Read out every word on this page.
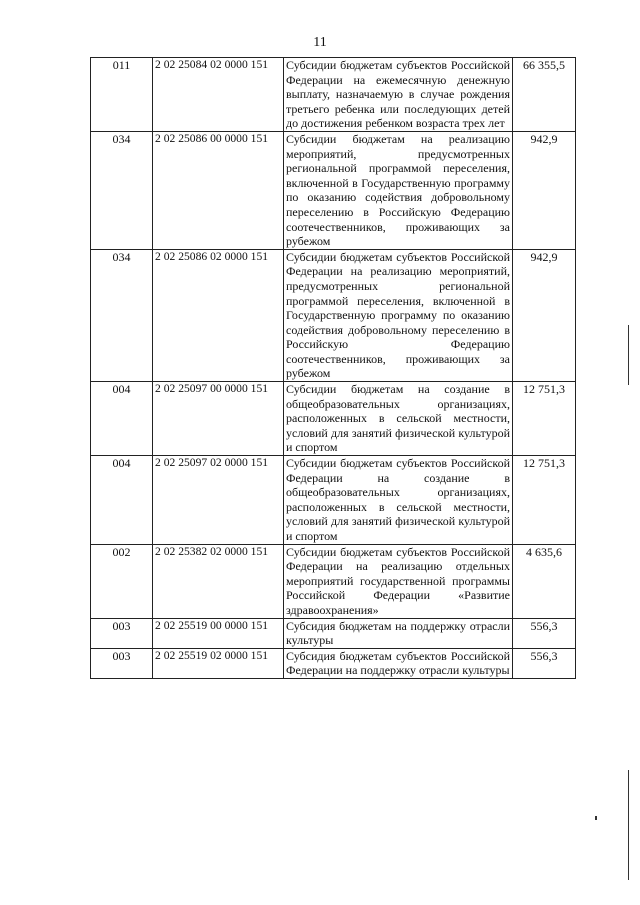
11
011	2 02 25084 02 0000 151	Субсидии бюджетам субъектов Российской Федерации на ежемесячную денежную выплату, назначаемую в случае рождения третьего ребенка или последующих детей до достижения ребенком возраста трех лет	66 355,5
034	2 02 25086 00 0000 151	Субсидии бюджетам на реализацию мероприятий, предусмотренных региональной программой переселения, включенной в Государственную программу по оказанию содействия добровольному переселению в Российскую Федерацию соотечественников, проживающих за рубежом	942,9
034	2 02 25086 02 0000 151	Субсидии бюджетам субъектов Российской Федерации на реализацию мероприятий, предусмотренных региональной программой переселения, включенной в Государственную программу по оказанию содействия добровольному переселению в Российскую Федерацию соотечественников, проживающих за рубежом	942,9
004	2 02 25097 00 0000 151	Субсидии бюджетам на создание в общеобразовательных организациях, расположенных в сельской местности, условий для занятий физической культурой и спортом	12 751,3
004	2 02 25097 02 0000 151	Субсидии бюджетам субъектов Российской Федерации на создание в общеобразовательных организациях, расположенных в сельской местности, условий для занятий физической культурой и спортом	12 751,3
002	2 02 25382 02 0000 151	Субсидии бюджетам субъектов Российской Федерации на реализацию отдельных мероприятий государственной программы Российской Федерации «Развитие здравоохранения»	4 635,6
003	2 02 25519 00 0000 151	Субсидия бюджетам на поддержку отрасли культуры	556,3
003	2 02 25519 02 0000 151	Субсидия бюджетам субъектов Российской Федерации на поддержку отрасли культуры	556,3
